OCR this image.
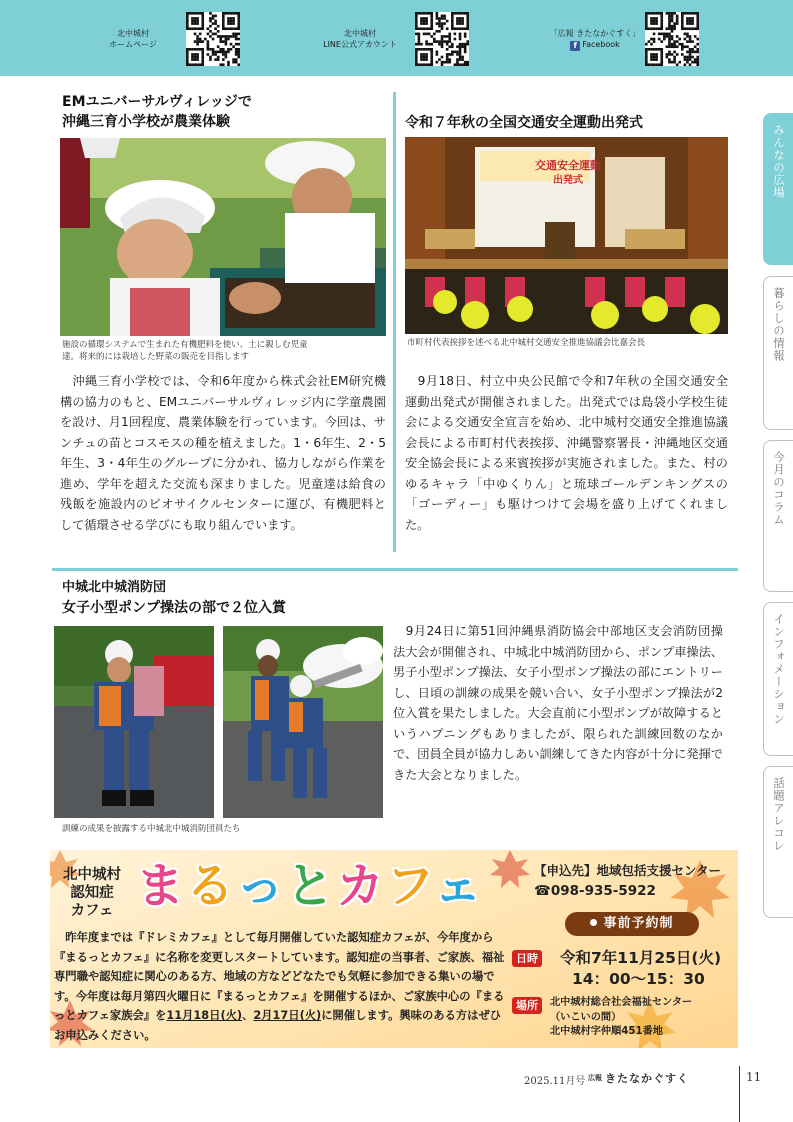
北中城村
ホームページ
北中城村
LINE公式アカウント
「広報 きたなかぐすく」
f Facebook
みんなの広場
暮らしの情報
今月のコラム
インフォメーション
話題アレコレ
EMユニバーサルヴィレッジで
沖縄三育小学校が農業体験
施設の循環システムで生まれた有機肥料を使い、土に親しむ児童
達。将来的には栽培した野菜の販売を目指します
　沖縄三育小学校では、令和6年度から株式会社EM研究機構の協力のもと、EMユニバーサルヴィレッジ内に学童農園を設け、月1回程度、農業体験を行っています。今回は、サンチュの苗とコスモスの種を植えました。1・6年生、2・5年生、3・4年生のグループに分かれ、協力しながら作業を進め、学年を超えた交流も深まりました。児童達は給食の残飯を施設内のビオサイクルセンターに運び、有機肥料として循環させる学びにも取り組んでいます。
令和７年秋の全国交通安全運動出発式
交通安全運動
出発式
市町村代表挨拶を述べる北中城村交通安全推進協議会比嘉会長
　9月18日、村立中央公民館で令和7年秋の全国交通安全運動出発式が開催されました。出発式では島袋小学校生徒会による交通安全宣言を始め、北中城村交通安全推進協議会長による市町村代表挨拶、沖縄警察署長・沖縄地区交通安全協会長による来賓挨拶が実施されました。また、村のゆるキャラ「中ゆくりん」と琉球ゴールデンキングスの「ゴーディー」も駆けつけて会場を盛り上げてくれました。
中城北中城消防団
女子小型ポンプ操法の部で２位入賞
訓練の成果を披露する中城北中城消防団員たち
　9月24日に第51回沖縄県消防協会中部地区支会消防団操法大会が開催され、中城北中城消防団から、ポンプ車操法、男子小型ポンプ操法、女子小型ポンプ操法の部にエントリーし、日頃の訓練の成果を競い合い、女子小型ポンプ操法が2位入賞を果たしました。大会直前に小型ポンプが故障するというハプニングもありましたが、限られた訓練回数のなかで、団員全員が協力しあい訓練してきた内容が十分に発揮できた大会となりました。
北中城村
認知症
カフェ まるっとカフェ
　昨年度までは『ドレミカフェ』として毎月開催していた認知症カフェが、今年度から『まるっとカフェ』に名称を変更しスタートしています。認知症の当事者、ご家族、福祉専門職や認知症に関心のある方、地域の方などどなたでも気軽に参加できる集いの場です。今年度は毎月第四火曜日に『まるっとカフェ』を開催するほか、ご家族中心の『まるっとカフェ家族会』を11月18日(火)、2月17日(火)に開催します。興味のある方はぜひお申込みください。
【申込先】地域包括支援センター
☎098-935-5922
事前予約制
日時 令和7年11月25日(火)
14：00〜15：30
場所	北中城村総合社会福祉センター
（いこいの間）
北中城村字仲順451番地
2025.11月号 広報 きたなかぐすく	11
